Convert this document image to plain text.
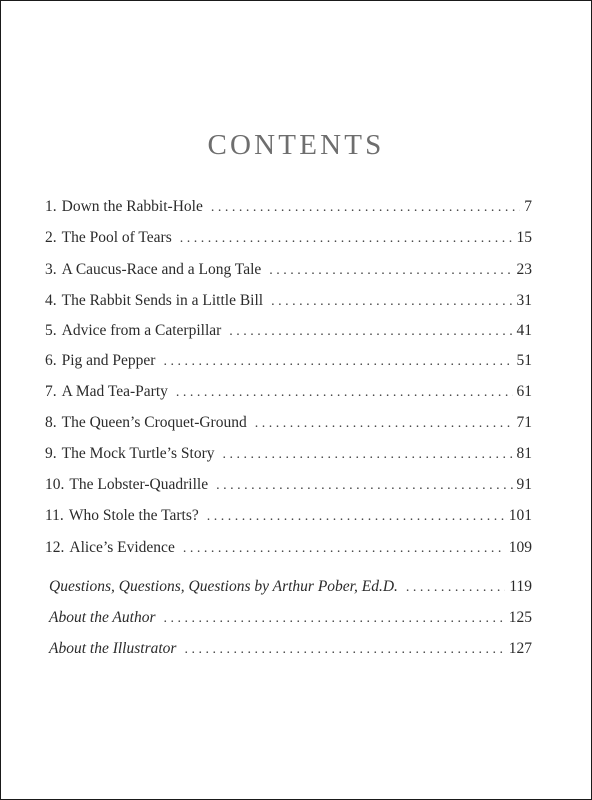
CONTENTS
1. Down the Rabbit-Hole . . .	7
2. The Pool of Tears . . .	15
3. A Caucus-Race and a Long Tale . . .	23
4. The Rabbit Sends in a Little Bill . . .	31
5. Advice from a Caterpillar . . .	41
6. Pig and Pepper . . .	51
7. A Mad Tea-Party . . .	61
8. The Queen’s Croquet-Ground . . .	71
9. The Mock Turtle’s Story . . .	81
10. The Lobster-Quadrille . . .	91
11. Who Stole the Tarts? . . .	101
12. Alice’s Evidence . . .	109
Questions, Questions, Questions by Arthur Pober, Ed.D. . . .	119
About the Author . . .	125
About the Illustrator . . .	127
